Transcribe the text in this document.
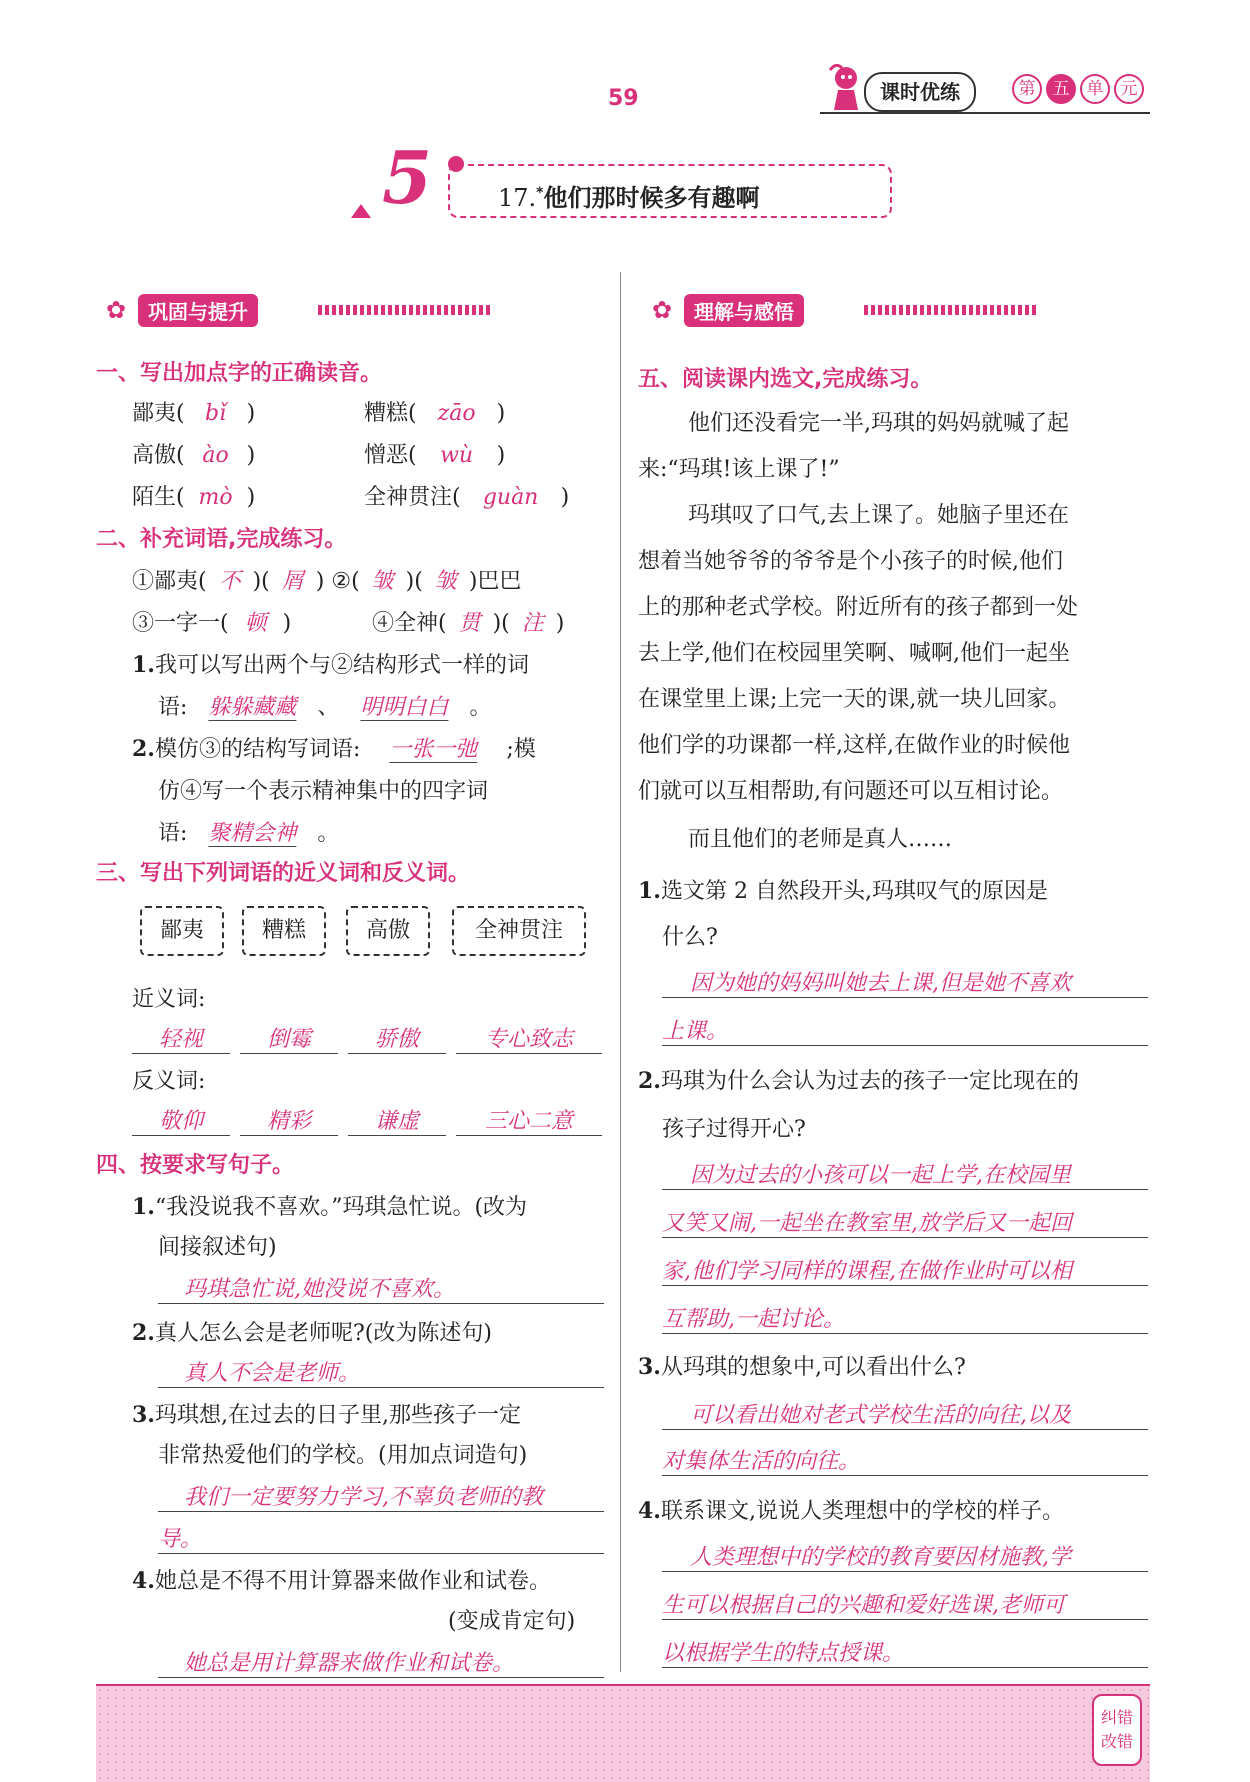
59	课时优练	第 五 单 元
5	17.*他们那时候多有趣啊
✿	巩固与提升
一、写出加点字的正确读音。
鄙夷( bǐ )	糟糕( zāo )
高傲( ào )	憎恶( wù )
陌生( mò )	全神贯注( guàn )
二、补充词语,完成练习。
①鄙夷( 不 )( 屑 ) ②( 皱 )( 皱 )巴巴
③一字一( 顿 )	④全神( 贯 )( 注 )
1.我可以写出两个与②结构形式一样的词
语: 躲躲藏藏 、 明明白白 。
2.模仿③的结构写词语: 一张一弛 ;模
仿④写一个表示精神集中的四字词
语: 聚精会神 。
三、写出下列词语的近义词和反义词。
鄙夷	糟糕	高傲	全神贯注
近义词:
轻视	倒霉	骄傲	专心致志
反义词:
敬仰	精彩	谦虚	三心二意
四、按要求写句子。
1.“我没说我不喜欢。”玛琪急忙说。(改为
间接叙述句)
玛琪急忙说,她没说不喜欢。
2.真人怎么会是老师呢?(改为陈述句)
真人不会是老师。
3.玛琪想,在过去的日子里,那些孩子一定
非常热爱他们的学校。(用加点词造句)
我们一定要努力学习,不辜负老师的教
导。
4.她总是不得不用计算器来做作业和试卷。
(变成肯定句)
她总是用计算器来做作业和试卷。
✿	理解与感悟
五、阅读课内选文,完成练习。
他们还没看完一半,玛琪的妈妈就喊了起
来:“玛琪!该上课了!”
玛琪叹了口气,去上课了。她脑子里还在
想着当她爷爷的爷爷是个小孩子的时候,他们
上的那种老式学校。附近所有的孩子都到一处
去上学,他们在校园里笑啊、喊啊,他们一起坐
在课堂里上课;上完一天的课,就一块儿回家。
他们学的功课都一样,这样,在做作业的时候他
们就可以互相帮助,有问题还可以互相讨论。
而且他们的老师是真人……
1.选文第 2 自然段开头,玛琪叹气的原因是
什么?
因为她的妈妈叫她去上课,但是她不喜欢
上课。
2.玛琪为什么会认为过去的孩子一定比现在的
孩子过得开心?
因为过去的小孩可以一起上学,在校园里
又笑又闹,一起坐在教室里,放学后又一起回
家,他们学习同样的课程,在做作业时可以相
互帮助,一起讨论。
3.从玛琪的想象中,可以看出什么?
可以看出她对老式学校生活的向往,以及
对集体生活的向往。
4.联系课文,说说人类理想中的学校的样子。
人类理想中的学校的教育要因材施教,学
生可以根据自己的兴趣和爱好选课,老师可
以根据学生的特点授课。
纠错
改错
